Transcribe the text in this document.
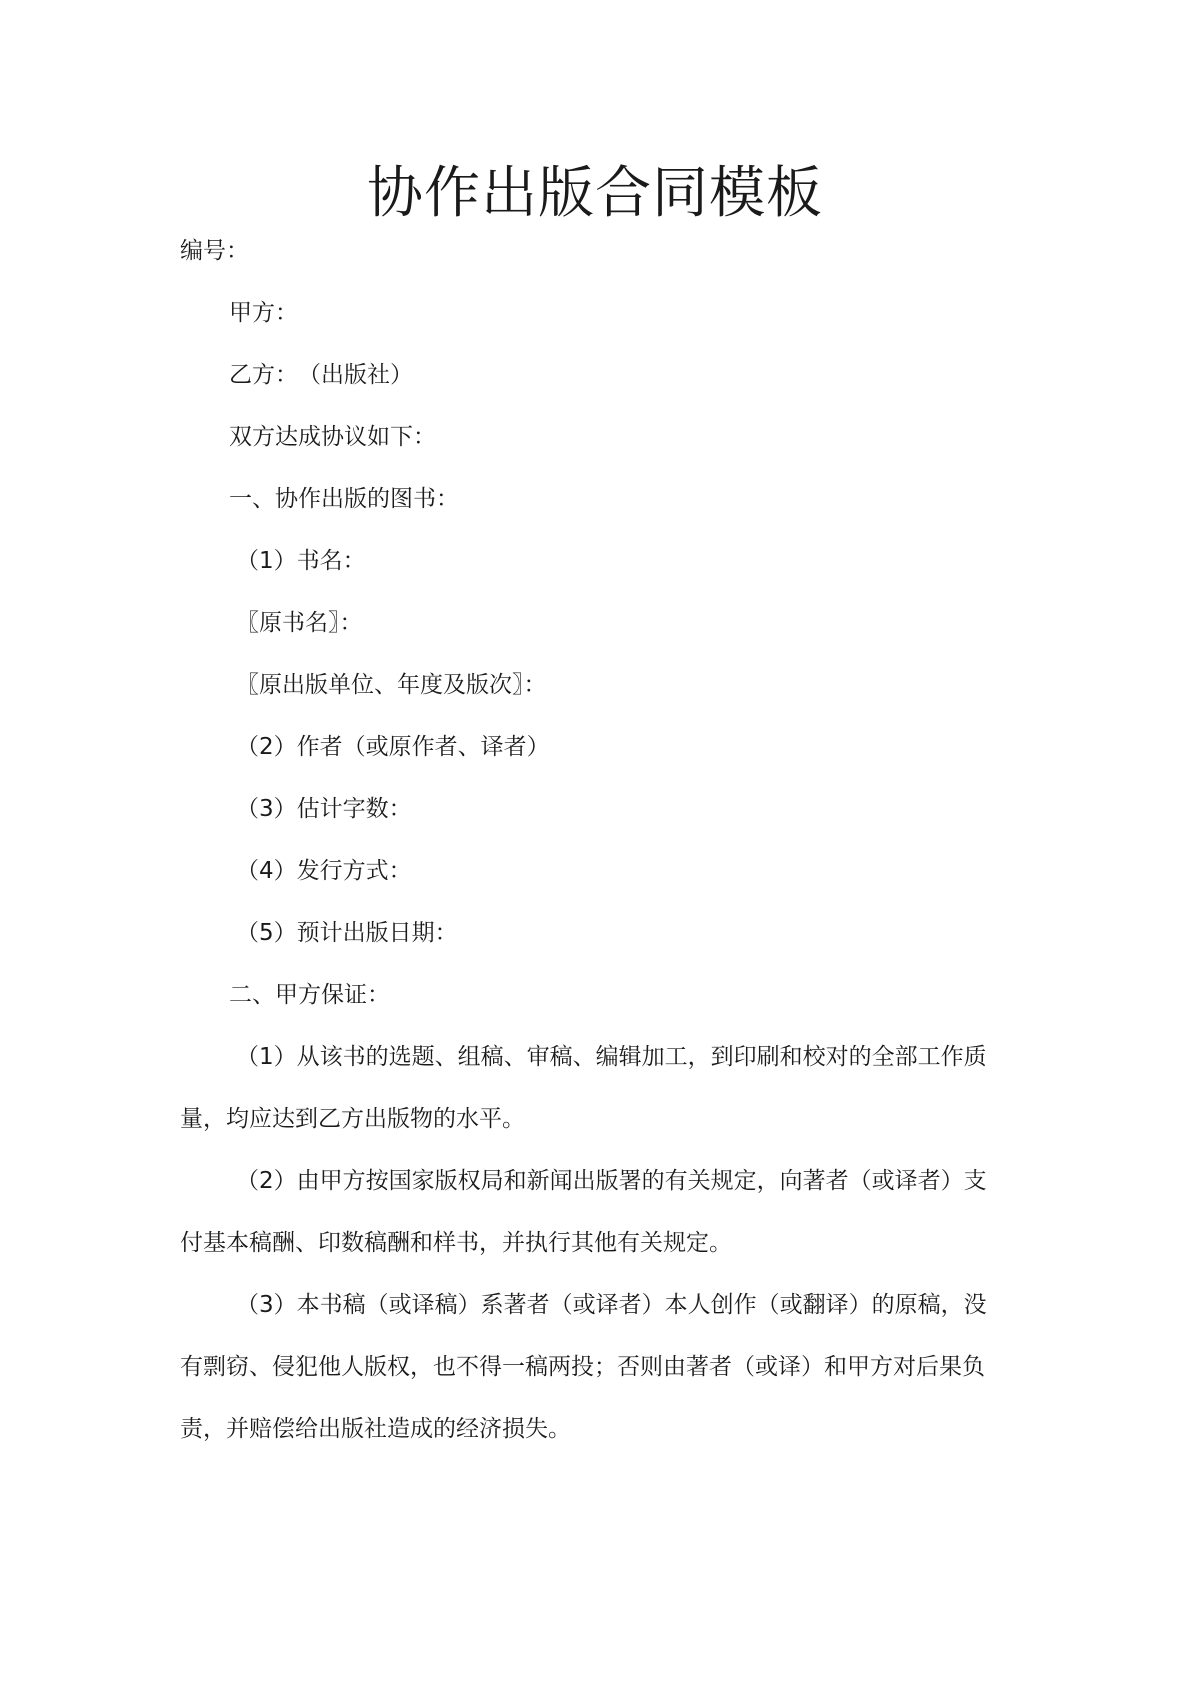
协作出版合同模板
编号：
甲方：
乙方：　（出版社）
双方达成协议如下：
一、协作出版的图书：
（1）书名：
〖原书名〗：
〖原出版单位、年度及版次〗：
（2）作者（或原作者、译者）
（3）估计字数：
（4）发行方式：
（5）预计出版日期：
二、甲方保证：
（1）从该书的选题、组稿、审稿、编辑加工，到印刷和校对的全部工作质
量，均应达到乙方出版物的水平。
（2）由甲方按国家版权局和新闻出版署的有关规定，向著者（或译者）支
付基本稿酬、印数稿酬和样书，并执行其他有关规定。
（3）本书稿（或译稿）系著者（或译者）本人创作（或翻译）的原稿，没
有剽窃、侵犯他人版权，也不得一稿两投；否则由著者（或译）和甲方对后果负
责，并赔偿给出版社造成的经济损失。
